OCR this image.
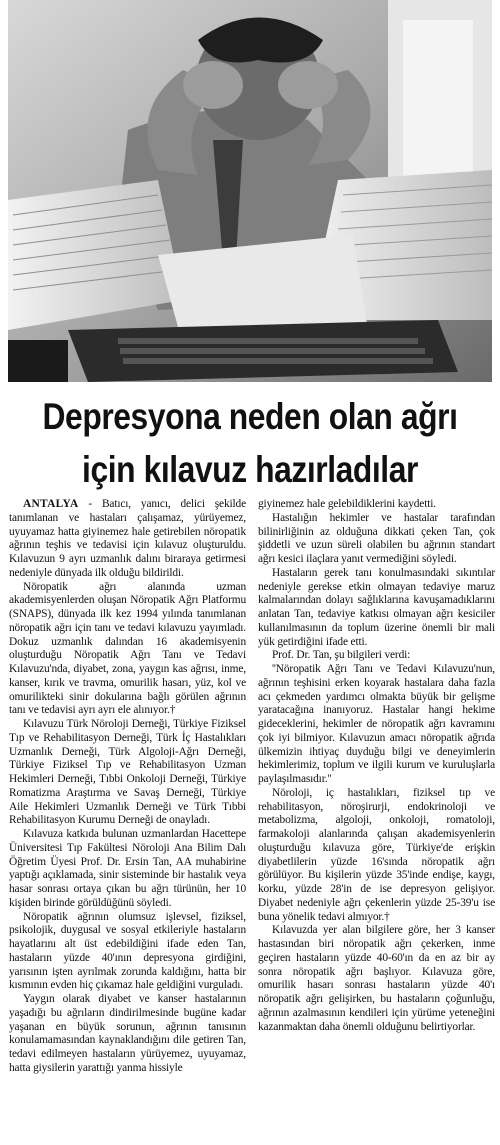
Depresyona neden olan ağrı
için kılavuz hazırladılar

ANTALYA - Batıcı, yanıcı, delici şekilde tanımlanan ve hastaları çalışamaz, yürüyemez, uyuyamaz hatta giyinemez hale getirebilen nöropatik ağrının teşhis ve tedavisi için kılavuz oluşturuldu. Kılavuzun 9 ayrı uzmanlık dalını biraraya getirmesi nedeniyle dünyada ilk olduğu bildirildi.

Nöropatik ağrı alanında uzman akademisyenlerden oluşan Nöropatik Ağrı Platformu (SNAPS), dünyada ilk kez 1994 yılında tanımlanan nöropatik ağrı için tanı ve tedavi kılavuzu yayımladı. Dokuz uzmanlık dalından 16 akademisyenin oluşturduğu Nöropatik Ağrı Tanı ve Tedavi Kılavuzu'nda, diyabet, zona, yaygın kas ağrısı, inme, kanser, kırık ve travma, omurilik hasarı, yüz, kol ve omurilikteki sinir dokularına bağlı görülen ağrının tanı ve tedavisi ayrı ayrı ele alınıyor.†

Kılavuzu Türk Nöroloji Derneği, Türkiye Fiziksel Tıp ve Rehabilitasyon Derneği, Türk İç Hastalıkları Uzmanlık Derneği, Türk Algoloji-Ağrı Derneği, Türkiye Fiziksel Tıp ve Rehabilitasyon Uzman Hekimleri Derneği, Tıbbi Onkoloji Derneği, Türkiye Romatizma Araştırma ve Savaş Derneği, Türkiye Aile Hekimleri Uzmanlık Derneği ve Türk Tıbbi Rehabilitasyon Kurumu Derneği de onayladı.

Kılavuza katkıda bulunan uzmanlardan Hacettepe Üniversitesi Tıp Fakültesi Nöroloji Ana Bilim Dalı Öğretim Üyesi Prof. Dr. Ersin Tan, AA muhabirine yaptığı açıklamada, sinir sisteminde bir hastalık veya hasar sonrası ortaya çıkan bu ağrı türünün, her 10 kişiden birinde görüldüğünü söyledi.

Nöropatik ağrının olumsuz işlevsel, fiziksel, psikolojik, duygusal ve sosyal etkileriyle hastaların hayatlarını alt üst edebildiğini ifade eden Tan, hastaların yüzde 40'ının depresyona girdiğini, yarısının işten ayrılmak zorunda kaldığını, hatta bir kısmının evden hiç çıkamaz hale geldiğini vurguladı.

Yaygın olarak diyabet ve kanser hastalarının yaşadığı bu ağrıların dindirilmesinde bugüne kadar yaşanan en büyük sorunun, ağrının tanısının konulamamasından kaynaklandığını dile getiren Tan, tedavi edilmeyen hastaların yürüyemez, uyuyamaz, hatta giysilerin yarattığı yanma hissiyle

giyinemez hale gelebildiklerini kaydetti.

Hastalığın hekimler ve hastalar tarafından bilinirliğinin az olduğuna dikkati çeken Tan, çok şiddetli ve uzun süreli olabilen bu ağrının standart ağrı kesici ilaçlara yanıt vermediğini söyledi.

Hastaların gerek tanı konulmasındaki sıkıntılar nedeniyle gerekse etkin olmayan tedaviye maruz kalmalarından dolayı sağlıklarına kavuşamadıklarını anlatan Tan, tedaviye katkısı olmayan ağrı kesiciler kullanılmasının da toplum üzerine önemli bir mali yük getirdiğini ifade etti.

Prof. Dr. Tan, şu bilgileri verdi:

''Nöropatik Ağrı Tanı ve Tedavi Kılavuzu'nun, ağrının teşhisini erken koyarak hastalara daha fazla acı çekmeden yardımcı olmakta büyük bir gelişme yaratacağına inanıyoruz. Hastalar hangi hekime gideceklerini, hekimler de nöropatik ağrı kavramını çok iyi bilmiyor. Kılavuzun amacı nöropatik ağrıda ülkemizin ihtiyaç duyduğu bilgi ve deneyimlerin hekimlerimiz, toplum ve ilgili kurum ve kuruluşlarla paylaşılmasıdır.''

Nöroloji, iç hastalıkları, fiziksel tıp ve rehabilitasyon, nöroşirurji, endokrinoloji ve metabolizma, algoloji, onkoloji, romatoloji, farmakoloji alanlarında çalışan akademisyenlerin oluşturduğu kılavuza göre, Türkiye'de erişkin diyabetlilerin yüzde 16'sında nöropatik ağrı görülüyor. Bu kişilerin yüzde 35'inde endişe, kaygı, korku, yüzde 28'in de ise depresyon gelişiyor. Diyabet nedeniyle ağrı çekenlerin yüzde 25-39'u ise buna yönelik tedavi almıyor.†

Kılavuzda yer alan bilgilere göre, her 3 kanser hastasından biri nöropatik ağrı çekerken, inme geçiren hastaların yüzde 40-60'ın da en az bir ay sonra nöropatik ağrı başlıyor. Kılavuza göre, omurilik hasarı sonrası hastaların yüzde 40'ı nöropatik ağrı gelişirken, bu hastaların çoğunluğu, ağrının azalmasının kendileri için yürüme yeteneğini kazanmaktan daha önemli olduğunu belirtiyorlar.
